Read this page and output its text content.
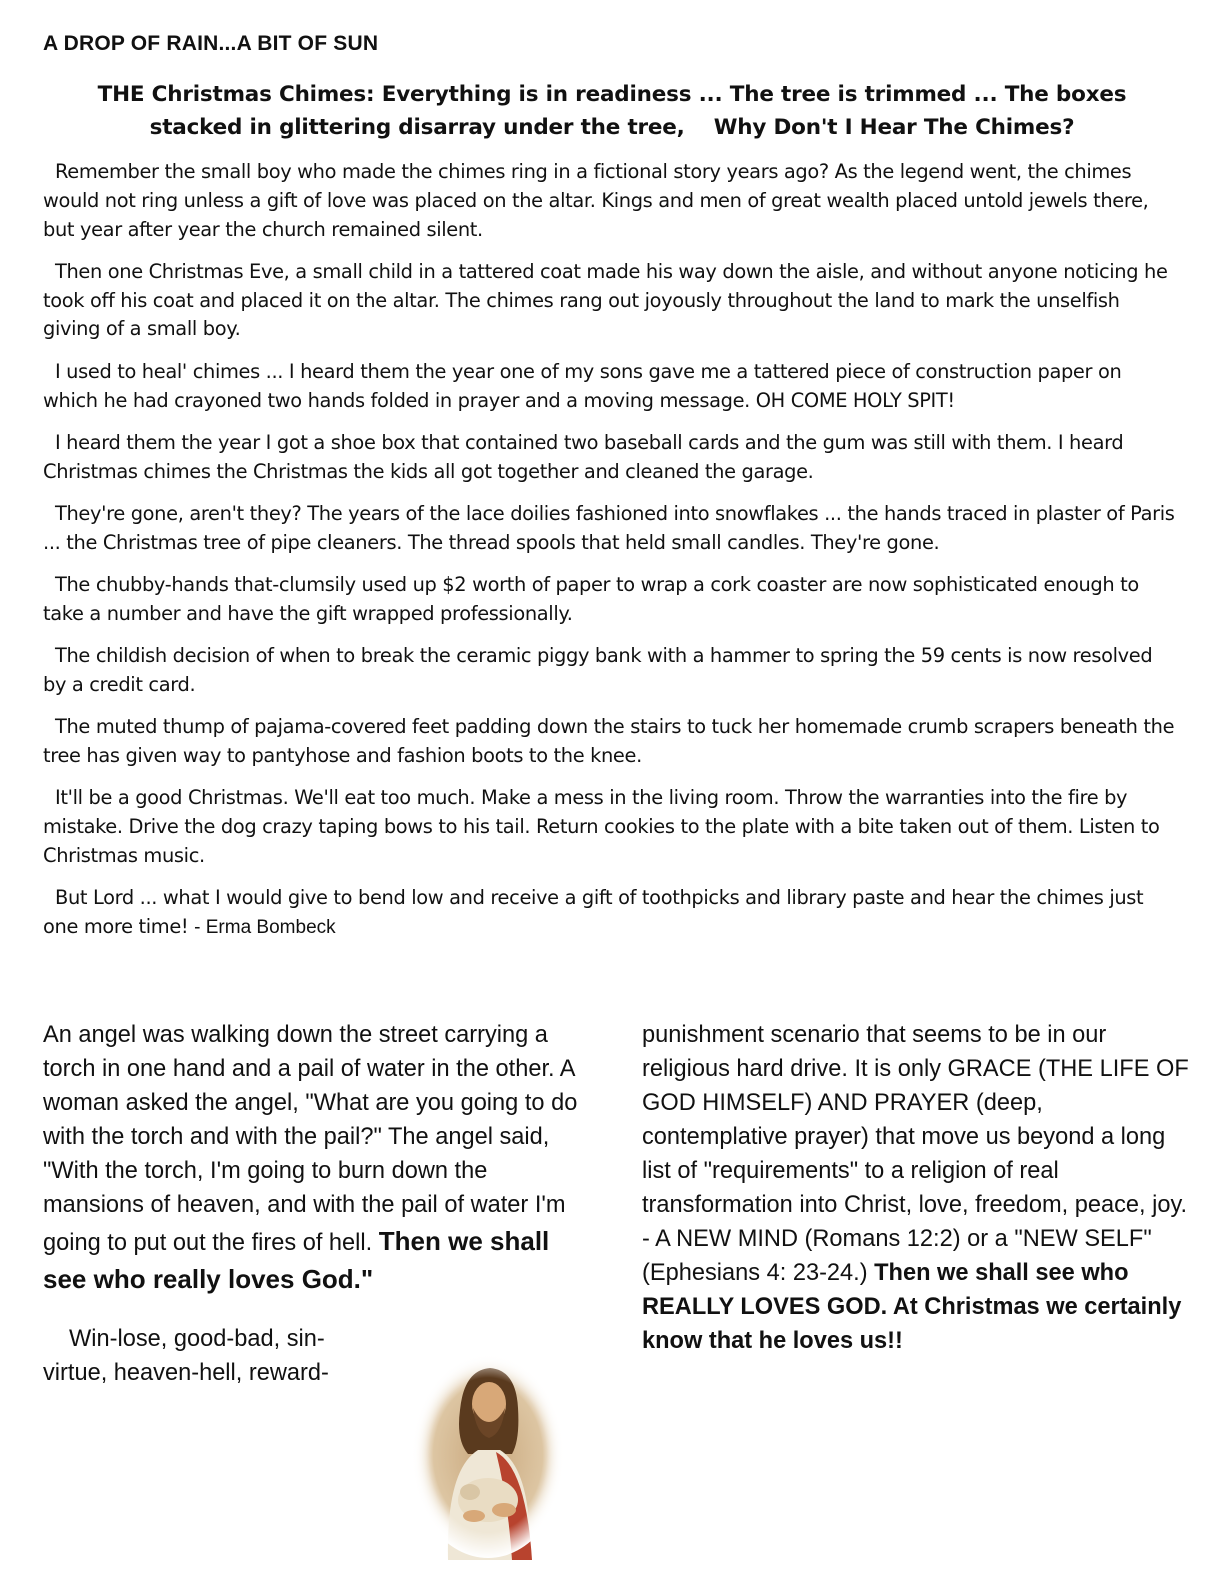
A DROP OF RAIN...A BIT OF SUN
THE Christmas Chimes: Everything is in readiness ... The tree is trimmed ... The boxes
stacked in glittering disarray under the tree,    Why Don't I Hear The Chimes?

Remember the small boy who made the chimes ring in a fictional story years ago? As the legend went, the chimes would not ring unless a gift of love was placed on the altar. Kings and men of great wealth placed untold jewels there, but year after year the church remained silent.

Then one Christmas Eve, a small child in a tattered coat made his way down the aisle, and without anyone noticing he took off his coat and placed it on the altar. The chimes rang out joyously throughout the land to mark the unselfish giving of a small boy.

I used to heal' chimes ... I heard them the year one of my sons gave me a tattered piece of construction paper on which he had crayoned two hands folded in prayer and a moving message. OH COME HOLY SPIT!

I heard them the year I got a shoe box that contained two baseball cards and the gum was still with them. I heard Christmas chimes the Christmas the kids all got together and cleaned the garage.

They're gone, aren't they? The years of the lace doilies fashioned into snowflakes ... the hands traced in plaster of Paris ... the Christmas tree of pipe cleaners. The thread spools that held small candles. They're gone.

The chubby-hands that-clumsily used up $2 worth of paper to wrap a cork coaster are now sophisticated enough to take a number and have the gift wrapped professionally.

The childish decision of when to break the ceramic piggy bank with a hammer to spring the 59 cents is now resolved by a credit card.

The muted thump of pajama-covered feet padding down the stairs to tuck her homemade crumb scrapers beneath the tree has given way to pantyhose and fashion boots to the knee.

It'll be a good Christmas. We'll eat too much. Make a mess in the living room. Throw the warranties into the fire by mistake. Drive the dog crazy taping bows to his tail. Return cookies to the plate with a bite taken out of them. Listen to Christmas music.

But Lord ... what I would give to bend low and receive a gift of toothpicks and library paste and hear the chimes just one more time! - Erma Bombeck

An angel was walking down the street carrying a torch in one hand and a pail of water in the other. A woman asked the angel, "What are you going to do with the torch and with the pail?" The angel said, "With the torch, I'm going to burn down the mansions of heaven, and with the pail of water I'm going to put out the fires of hell. Then we shall see who really loves God."

Win-lose, good-bad, sin-
virtue, heaven-hell, reward-

punishment scenario that seems to be in our religious hard drive. It is only GRACE (THE LIFE OF GOD HIMSELF) AND PRAYER (deep, contemplative prayer) that move us beyond a long list of "requirements" to a religion of real transformation into Christ, love, freedom, peace, joy. - A NEW MIND (Romans 12:2) or a "NEW SELF" (Ephesians 4: 23-24.) Then we shall see who REALLY LOVES GOD. At Christmas we certainly know that he loves us!!
